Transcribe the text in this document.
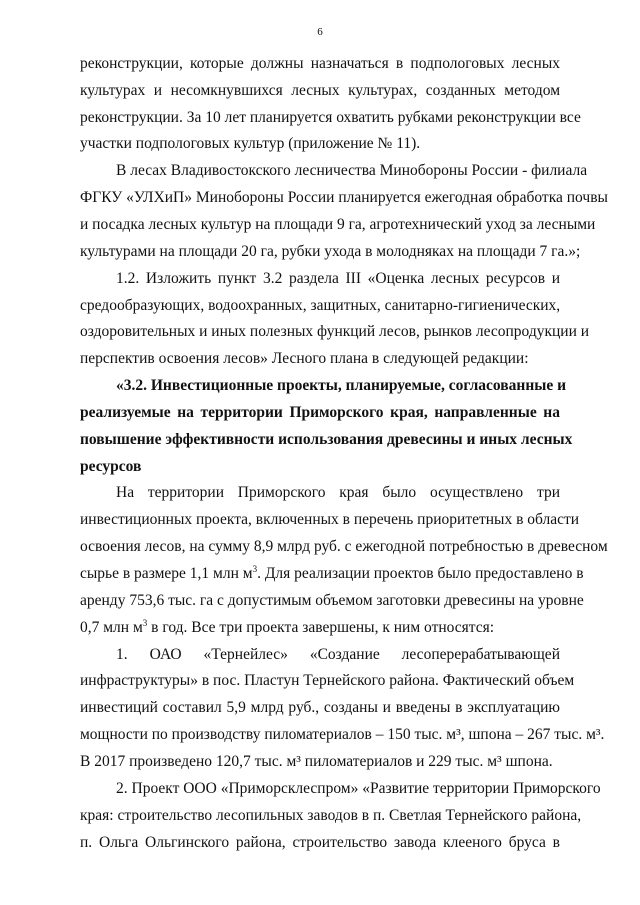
6
реконструкции, которые должны назначаться в подпологовых лесных
культурах и несомкнувшихся лесных культурах, созданных методом
реконструкции. За 10 лет планируется охватить рубками реконструкции все
участки подпологовых культур (приложение № 11).
В лесах Владивостокского лесничества Минобороны России - филиала
ФГКУ «УЛХиП» Минобороны России планируется ежегодная обработка почвы
и посадка лесных культур на площади 9 га, агротехнический уход за лесными
культурами на площади 20 га, рубки ухода в молодняках на площади 7 га.»;
1.2. Изложить пункт 3.2 раздела III «Оценка лесных ресурсов и
средообразующих, водоохранных, защитных, санитарно-гигиенических,
оздоровительных и иных полезных функций лесов, рынков лесопродукции и
перспектив освоения лесов» Лесного плана в следующей редакции:
«3.2. Инвестиционные проекты, планируемые, согласованные и
реализуемые на территории Приморского края, направленные на
повышение эффективности использования древесины и иных лесных
ресурсов
На территории Приморского края было осуществлено три
инвестиционных проекта, включенных в перечень приоритетных в области
освоения лесов, на сумму 8,9 млрд руб. с ежегодной потребностью в древесном
сырье в размере 1,1 млн $м^3$. Для реализации проектов было предоставлено в
аренду 753,6 тыс. га с допустимым объемом заготовки древесины на уровне
0,7 млн $м^3$ в год. Все три проекта завершены, к ним относятся:
1. ОАО «Тернейлес» «Создание лесоперерабатывающей
инфраструктуры» в пос. Пластун Тернейского района. Фактический объем
инвестиций составил 5,9 млрд руб., созданы и введены в эксплуатацию
мощности по производству пиломатериалов – 150 тыс. м³, шпона – 267 тыс. м³.
В 2017 произведено 120,7 тыс. м³ пиломатериалов и 229 тыс. м³ шпона.
2. Проект ООО «Приморсклеспром» «Развитие территории Приморского
края: строительство лесопильных заводов в п. Светлая Тернейского района,
п. Ольга Ольгинского района, строительство завода клееного бруса в
